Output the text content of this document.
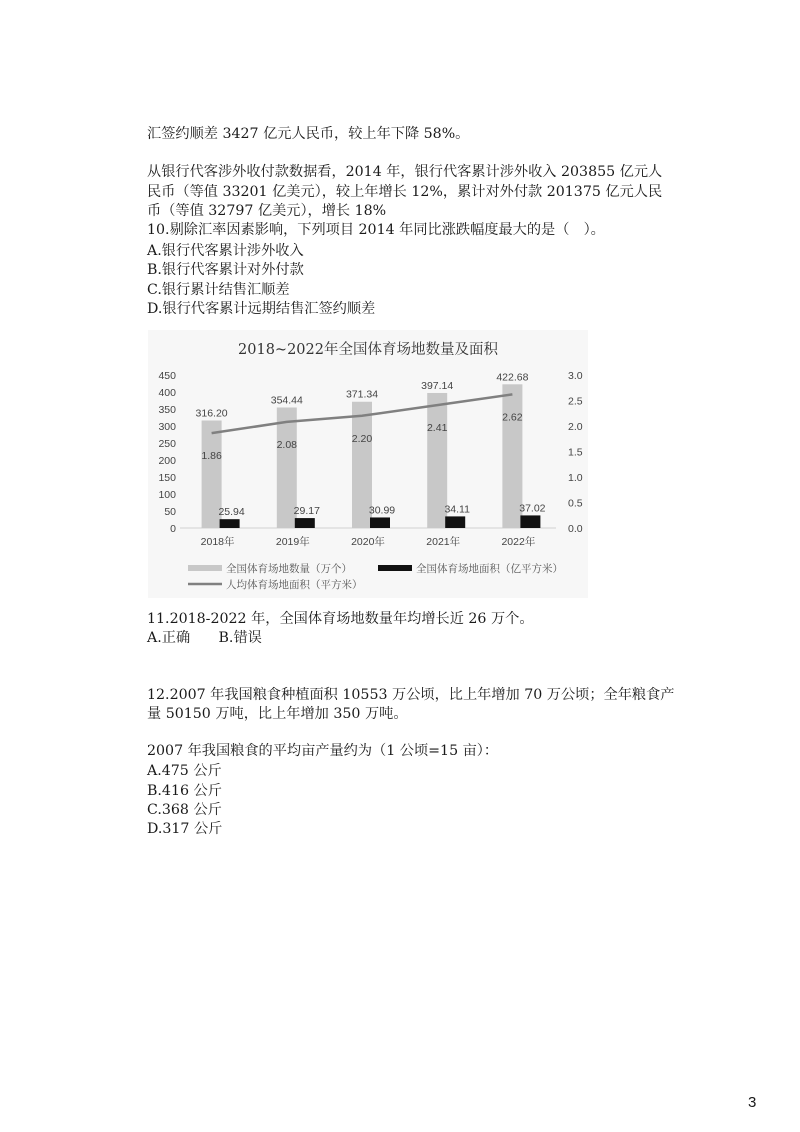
汇签约顺差 3427 亿元人民币，较上年下降 58%。
从银行代客涉外收付款数据看，2014 年，银行代客累计涉外收入 203855 亿元人
民币（等值 33201 亿美元），较上年增长 12%，累计对外付款 201375 亿元人民
币（等值 32797 亿美元），增长 18%
10.剔除汇率因素影响，下列项目 2014 年同比涨跌幅度最大的是（　）。
A.银行代客累计涉外收入
B.银行代客累计对外付款
C.银行累计结售汇顺差
D.银行代客累计远期结售汇签约顺差
2018~2022年全国体育场地数量及面积
0
50
100
150
200
250
300
350
400
450
0.0
0.5
1.0
1.5
2.0
2.5
3.0
316.20
25.94
2018年
354.44
29.17
2019年
371.34
30.99
2020年
397.14
34.11
2021年
422.68
37.02
2022年
1.86
2.08
2.20
2.41
2.62
全国体育场地数量（万个）	全国体育场地面积（亿平方米）
人均体育场地面积（平方米）
11.2018-2022 年，全国体育场地数量年均增长近 26 万个。
A.正确　　B.错误
12.2007 年我国粮食种植面积 10553 万公顷，比上年增加 70 万公顷；全年粮食产
量 50150 万吨，比上年增加 350 万吨。
2007 年我国粮食的平均亩产量约为（1 公顷=15 亩）：
A.475 公斤
B.416 公斤
C.368 公斤
D.317 公斤
3
